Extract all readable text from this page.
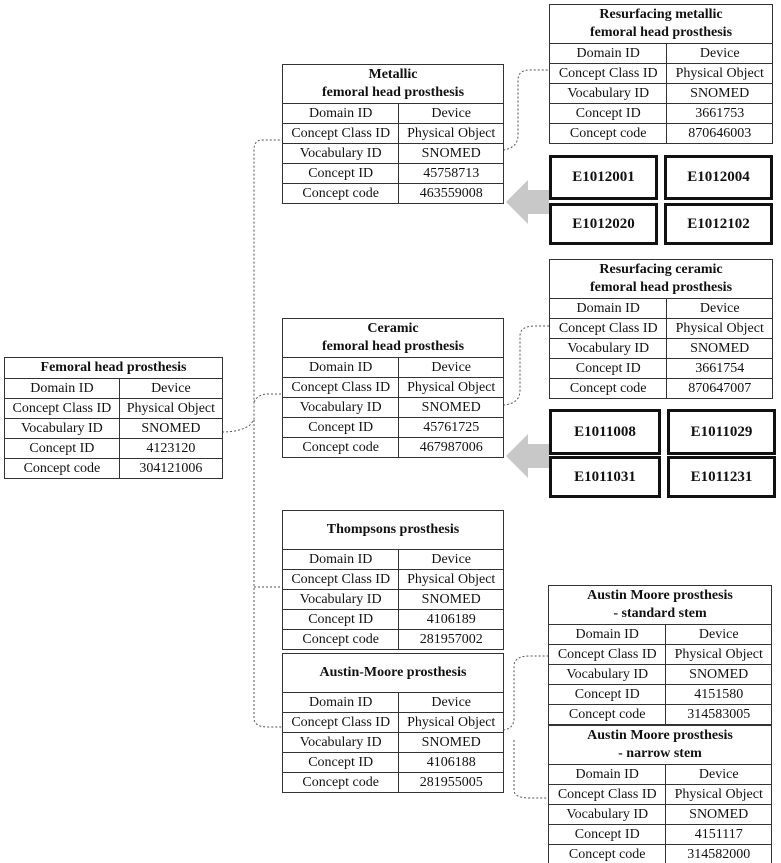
Femoral head prosthesis
Domain ID	Device
Concept Class ID	Physical Object
Vocabulary ID	SNOMED
Concept ID	4123120
Concept code	304121006
Metallic
femoral head prosthesis
Domain ID	Device
Concept Class ID	Physical Object
Vocabulary ID	SNOMED
Concept ID	45758713
Concept code	463559008
Ceramic
femoral head prosthesis
Domain ID	Device
Concept Class ID	Physical Object
Vocabulary ID	SNOMED
Concept ID	45761725
Concept code	467987006
Thompsons prosthesis
Domain ID	Device
Concept Class ID	Physical Object
Vocabulary ID	SNOMED
Concept ID	4106189
Concept code	281957002
Austin-Moore prosthesis
Domain ID	Device
Concept Class ID	Physical Object
Vocabulary ID	SNOMED
Concept ID	4106188
Concept code	281955005
Resurfacing metallic
femoral head prosthesis
Domain ID	Device
Concept Class ID	Physical Object
Vocabulary ID	SNOMED
Concept ID	3661753
Concept code	870646003
Resurfacing ceramic
femoral head prosthesis
Domain ID	Device
Concept Class ID	Physical Object
Vocabulary ID	SNOMED
Concept ID	3661754
Concept code	870647007
Austin Moore prosthesis
- standard stem
Domain ID	Device
Concept Class ID	Physical Object
Vocabulary ID	SNOMED
Concept ID	4151580
Concept code	314583005
Austin Moore prosthesis
- narrow stem
Domain ID	Device
Concept Class ID	Physical Object
Vocabulary ID	SNOMED
Concept ID	4151117
Concept code	314582000
E1012001	E1012004
E1012020	E1012102
E1011008	E1011029
E1011031	E1011231
